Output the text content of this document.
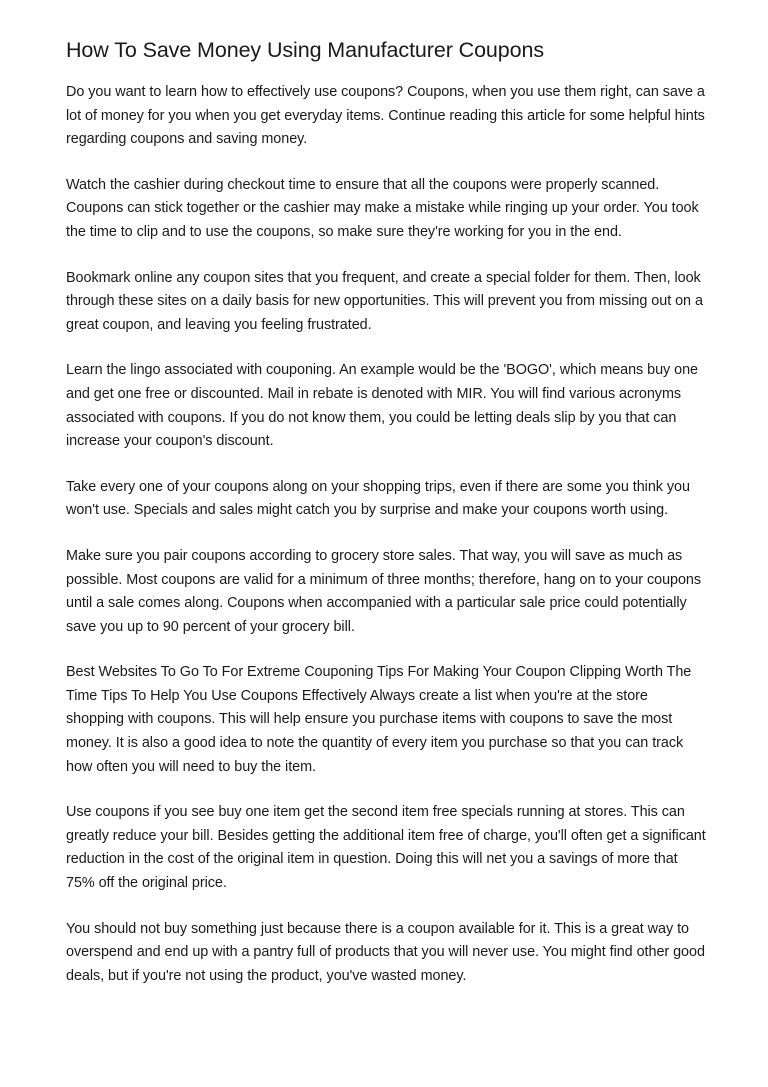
How To Save Money Using Manufacturer Coupons

Do you want to learn how to effectively use coupons? Coupons, when you use them right, can save a lot of money for you when you get everyday items. Continue reading this article for some helpful hints regarding coupons and saving money.

Watch the cashier during checkout time to ensure that all the coupons were properly scanned. Coupons can stick together or the cashier may make a mistake while ringing up your order. You took the time to clip and to use the coupons, so make sure they're working for you in the end.

Bookmark online any coupon sites that you frequent, and create a special folder for them. Then, look through these sites on a daily basis for new opportunities. This will prevent you from missing out on a great coupon, and leaving you feeling frustrated.

Learn the lingo associated with couponing. An example would be the 'BOGO', which means buy one and get one free or discounted. Mail in rebate is denoted with MIR. You will find various acronyms associated with coupons. If you do not know them, you could be letting deals slip by you that can increase your coupon's discount.

Take every one of your coupons along on your shopping trips, even if there are some you think you won't use. Specials and sales might catch you by surprise and make your coupons worth using.

Make sure you pair coupons according to grocery store sales. That way, you will save as much as possible. Most coupons are valid for a minimum of three months; therefore, hang on to your coupons until a sale comes along. Coupons when accompanied with a particular sale price could potentially save you up to 90 percent of your grocery bill.

Best Websites To Go To For Extreme Couponing Tips For Making Your Coupon Clipping Worth The Time Tips To Help You Use Coupons Effectively Always create a list when you're at the store shopping with coupons. This will help ensure you purchase items with coupons to save the most money. It is also a good idea to note the quantity of every item you purchase so that you can track how often you will need to buy the item.

Use coupons if you see buy one item get the second item free specials running at stores. This can greatly reduce your bill. Besides getting the additional item free of charge, you'll often get a significant reduction in the cost of the original item in question. Doing this will net you a savings of more that 75% off the original price.

You should not buy something just because there is a coupon available for it. This is a great way to overspend and end up with a pantry full of products that you will never use. You might find other good deals, but if you're not using the product, you've wasted money.
